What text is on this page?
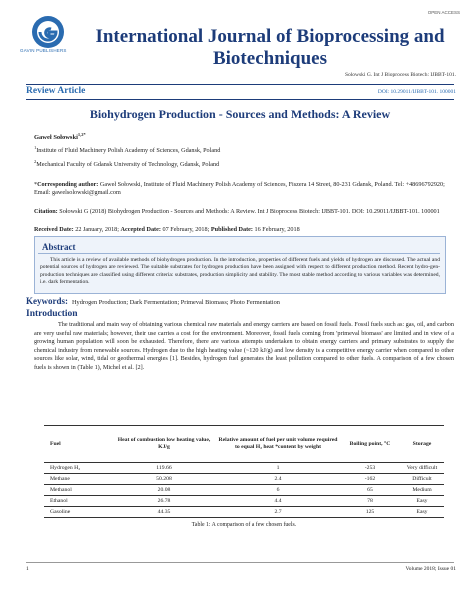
GAVIN PUBLISHERS
OPEN ACCESS
International Journal of Bioprocessing and Biotechniques
Solowski G. Int J Bioprocess Biotech: IJBBT-101.
Review Article	DOI: 10.29011/IJBBT-101. 100001
Biohydrogen Production - Sources and Methods: A Review
Gaweł Sołowski$^{1,2*}$
$^1$Institute of Fluid Machinery Polish Academy of Sciences, Gdansk, Poland
$^2$Mechanical Faculty of Gdansk University of Technology, Gdansk, Poland
*Corresponding author: Gaweł Sołowski, Institute of Fluid Machinery Polish Academy of Sciences, Fiszera 14 Street, 80-231 Gdansk, Poland. Tel: +48696792920; Email: gawelsolowski@gmail.com
Citation: Sołowski G (2018) Biohydrogen Production - Sources and Methods: A Review. Int J Bioprocess Biotech: IJBBT-101. DOI: 10.29011/IJBBT-101. 100001
Received Date: 22 January, 2018; Accepted Date: 07 February, 2018; Published Date: 16 February, 2018
Abstract
This article is a review of available methods of biohydrogen production. In the introduction, properties of different fuels and yields of hydrogen are discussed. The actual and potential sources of hydrogen are reviewed. The suitable substrates for hydrogen production have been assigned with respect to different production method. Recent hydro-gen-production techniques are classified using different criteria: substrates, production simplicity and stability. The most stable method according to various variables was determined, i.e. dark fermentation.
Keywords: Hydrogen Production; Dark Fermentation; Primeval Biomass; Photo Fermentation
Introduction
The traditional and main way of obtaining various chemical raw materials and energy carriers are based on fossil fuels. Fossil fuels such as: gas, oil, and carbon are very useful raw materials; however, their use carries a cost for the environment. Moreover, fossil fuels coming from 'primeval biomass' are limited and in view of a growing human population will soon be exhausted. Therefore, there are various attempts undertaken to obtain energy carriers and primary substrates to supply the chemical industry from renewable sources. Hydrogen due to the high heating value (~120 kJ/g) and low density is a competitive energy carrier when compared to other sources like solar, wind, tidal or geothermal energies [1]. Besides, hydrogen fuel generates the least pollution compared to other fuels. A comparison of a few chosen fuels is shown in (Table 1), Michel et al. [2].
Fuel	Heat of combustion low heating value, KJ/g	Relative amount of fuel per unit volume required to equal H₂ heat *content by weight	Boiling point, °C	Storage
Hydrogen H₂	119.66	1	-253	Very difficult
Methane	50.208	2.4	-162	Difficult
Methanol	20.08	6	65	Medium
Ethanol	26.78	4.4	78	Easy
Gasoline	44.35	2.7	125	Easy
Table 1: A comparison of a few chosen fuels.
1	Volume 2018; Issue 01
